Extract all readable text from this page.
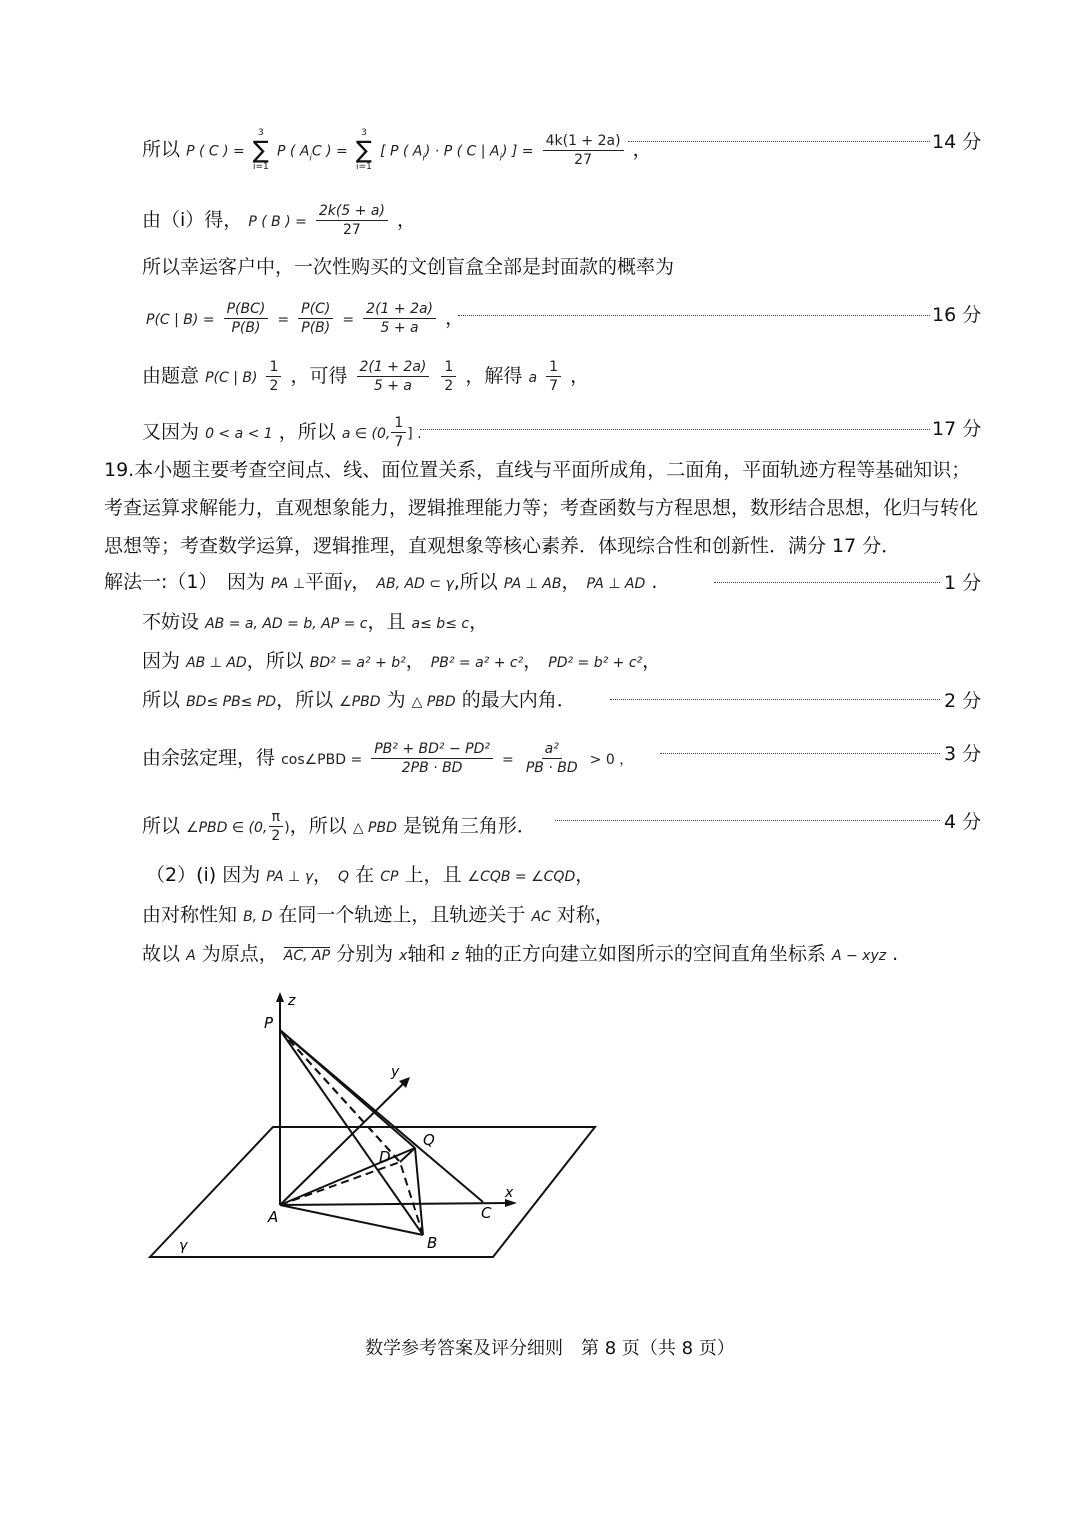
所以 P ( C ) =
3
∑
i=1
P ( $A_iC$ ) =
3
∑
i=1
[ P ( $A_i) \cdot P$ ( C | $A_i$) ] = $\frac{4k(1 + 2a)}{27}$ ，	14 分
由（i）得， P ( B ) = $\frac{2k(5 + a)}{27}$ ，
所以幸运客户中，一次性购买的文创盲盒全部是封面款的概率为
P(C | $B) = \frac{P(BC)}{P(B)} = \frac{P(C)}{P(B)} = \frac{2(1 + 2a)}{5 + a}$ ，	16 分
由题意 P(C | $B) \frac{1}{2}$ ，可得 $\frac{2(1 + 2a)}{5 + a}$
$\frac{1}{2}$ ，解得 a $\frac{1}{7}$ ，
又因为 0 < a < 1 ，所以 a ∈ (0, $\frac{1}{7}$ ] .	17 分
19.本小题主要考查空间点、线、面位置关系，直线与平面所成角，二面角，平面轨迹方程等基础知识；考查运算求解能力，直观想象能力，逻辑推理能力等；考查函数与方程思想，数形结合思想，化归与转化思想等；考查数学运算，逻辑推理，直观想象等核心素养．体现综合性和创新性．满分 17 分．
解法一:（1）　因为 PA ⊥平面γ， AB, AD ⊂ γ,所以 PA ⊥ AB， PA ⊥ AD .	1 分
不妨设 AB = a, AD = b, AP = c，且 a≤ b≤ c，
因为 AB ⊥ AD，所以 BD² = a² + b²， PB² = a² + c²， PD² = b² + c²，
所以 BD≤ PB≤ PD，所以 ∠PBD 为 △ PBD 的最大内角．	2 分
由余弦定理，得 cos∠PBD = $\frac{\text{PB² + BD² − PD²}}{2PB \cdot BD} = \frac{\text{a²}}{PB \cdot BD} > 0$ ，	3 分
所以 ∠PBD ∈ (0, $\frac{\pi}{2}$ )，所以 △ PBD 是锐角三角形．	4 分
（2）(i) 因为 PA ⊥ γ， Q 在 CP 上，且 ∠CQB = ∠CQD，
由对称性知 B, D 在同一个轨迹上，且轨迹关于 AC 对称，
故以 A 为原点， AC, AP 分别为 x轴和 z 轴的正方向建立如图所示的空间直角坐标系 A − xyz .
z
P
y
Q
D
x
C
A
B
γ
数学参考答案及评分细则　第 8 页（共 8 页）
